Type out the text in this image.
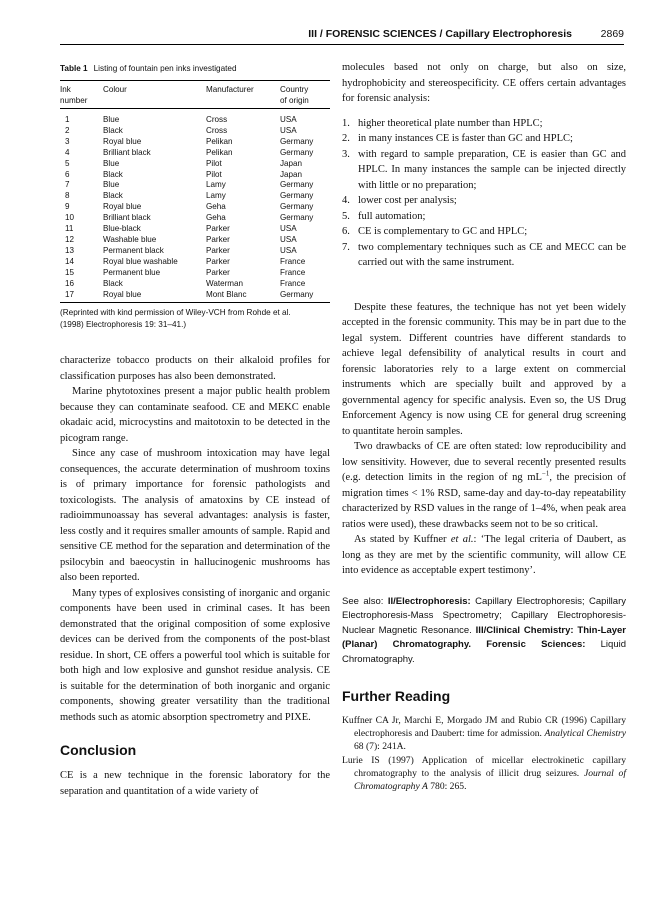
III / FORENSIC SCIENCES / Capillary Electrophoresis	2869
Table 1 Listing of fountain pen inks investigated
Ink
number	Colour	Manufacturer	Country
of origin
1	Blue	Cross	USA
2	Black	Cross	USA
3	Royal blue	Pelikan	Germany
4	Brilliant black	Pelikan	Germany
5	Blue	Pilot	Japan
6	Black	Pilot	Japan
7	Blue	Lamy	Germany
8	Black	Lamy	Germany
9	Royal blue	Geha	Germany
10	Brilliant black	Geha	Germany
11	Blue-black	Parker	USA
12	Washable blue	Parker	USA
13	Permanent black	Parker	USA
14	Royal blue washable	Parker	France
15	Permanent blue	Parker	France
16	Black	Waterman	France
17	Royal blue	Mont Blanc	Germany
(Reprinted with kind permission of Wiley-VCH from Rohde et al.
(1998) Electrophoresis 19: 31–41.)

characterize tobacco products on their alkaloid profiles for classification purposes has also been demonstrated.

Marine phytotoxines present a major public health problem because they can contaminate seafood. CE and MEKC enable okadaic acid, microcystins and maitotoxin to be detected in the picogram range.

Since any case of mushroom intoxication may have legal consequences, the accurate determination of mushroom toxins is of primary importance for forensic pathologists and toxicologists. The analysis of amatoxins by CE instead of radioimmunoassay has several advantages: analysis is faster, less costly and it requires smaller amounts of sample. Rapid and sensitive CE method for the separation and determination of the psilocybin and baeocystin in hallucinogenic mushrooms has also been reported.

Many types of explosives consisting of inorganic and organic components have been used in criminal cases. It has been demonstrated that the original composition of some explosive devices can be derived from the components of the post-blast residue. In short, CE offers a powerful tool which is suitable for both high and low explosive and gunshot residue analysis. CE is suitable for the determination of both inorganic and organic components, showing greater versatility than the traditional methods such as atomic absorption spectrometry and PIXE.

Conclusion

CE is a new technique in the forensic laboratory for the separation and quantitation of a wide variety of

molecules based not only on charge, but also on size, hydrophobicity and stereospecificity. CE offers certain advantages for forensic analysis:

1. higher theoretical plate number than HPLC;
2. in many instances CE is faster than GC and HPLC;
3. with regard to sample preparation, CE is easier than GC and HPLC. In many instances the sample can be injected directly with little or no preparation;
4. lower cost per analysis;
5. full automation;
6. CE is complementary to GC and HPLC;
7. two complementary techniques such as CE and MECC can be carried out with the same instrument.

Despite these features, the technique has not yet been widely accepted in the forensic community. This may be in part due to the legal system. Different countries have different standards to achieve legal defensibility of analytical results in court and forensic laboratories rely to a large extent on commercial instruments which are specially built and approved by a governmental agency for specific analysis. Even so, the US Drug Enforcement Agency is now using CE for general drug screening to quantitate heroin samples.

Two drawbacks of CE are often stated: low reproducibility and low sensitivity. However, due to several recently presented results (e.g. detection limits in the region of ng $mL^{-1}$, the precision of migration times < 1% RSD, same-day and day-to-day repeatability characterized by RSD values in the range of 1–4%, when peak area ratios were used), these drawbacks seem not to be so critical.

As stated by Kuffner et al.: ‘The legal criteria of Daubert, as long as they are met by the scientific community, will allow CE into evidence as acceptable expert testimony’.

See also: II/Electrophoresis: Capillary Electrophoresis; Capillary Electrophoresis-Mass Spectrometry; Capillary Electrophoresis-Nuclear Magnetic Resonance. III/Clinical Chemistry: Thin-Layer (Planar) Chromatography. Forensic Sciences: Liquid Chromatography.
Further Reading
Kuffner CA Jr, Marchi E, Morgado JM and Rubio CR (1996) Capillary electrophoresis and Daubert: time for admission. Analytical Chemistry 68 (7): 241A.
Lurie IS (1997) Application of micellar electrokinetic capillary chromatography to the analysis of illicit drug seizures. Journal of Chromatography A 780: 265.
